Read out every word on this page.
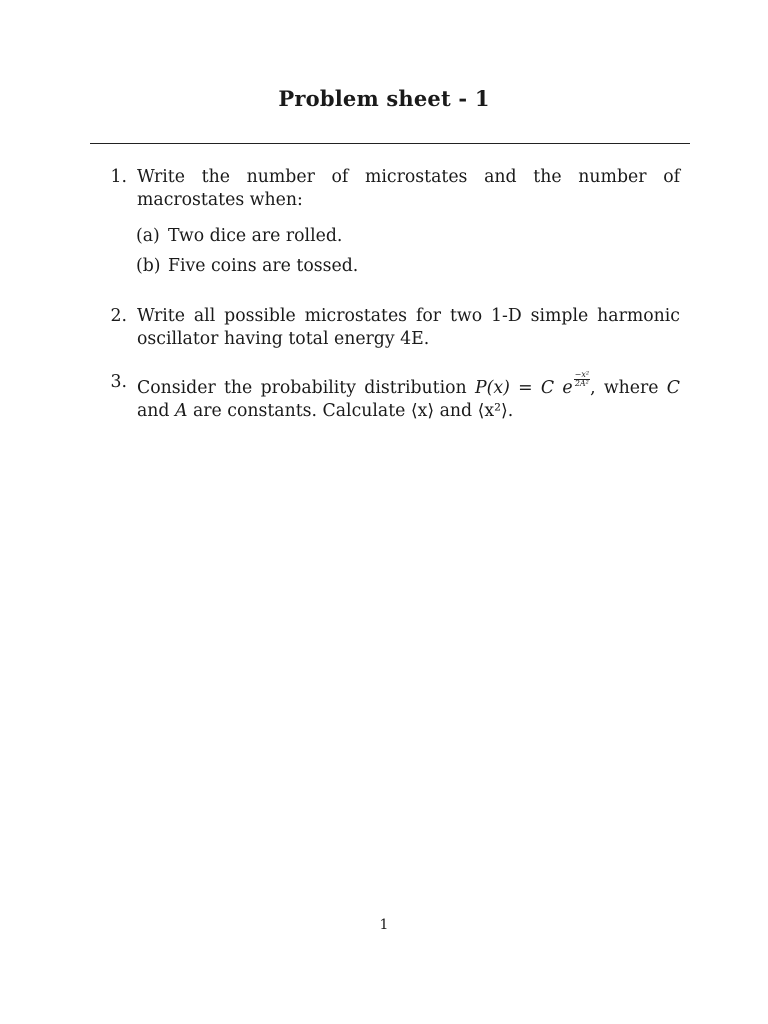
Problem sheet - 1
1. Write the number of microstates and the number of macrostates when:
(a) Two dice are rolled.
(b) Five coins are tossed.
2. Write all possible microstates for two 1-D simple harmonic oscillator having total energy 4E.
3. Consider the probability distribution P(x) = C e $\frac{\text{−x²}}{\text{2A²}}$ , where C and A are constants. Calculate ⟨x⟩ and ⟨x²⟩.
1
